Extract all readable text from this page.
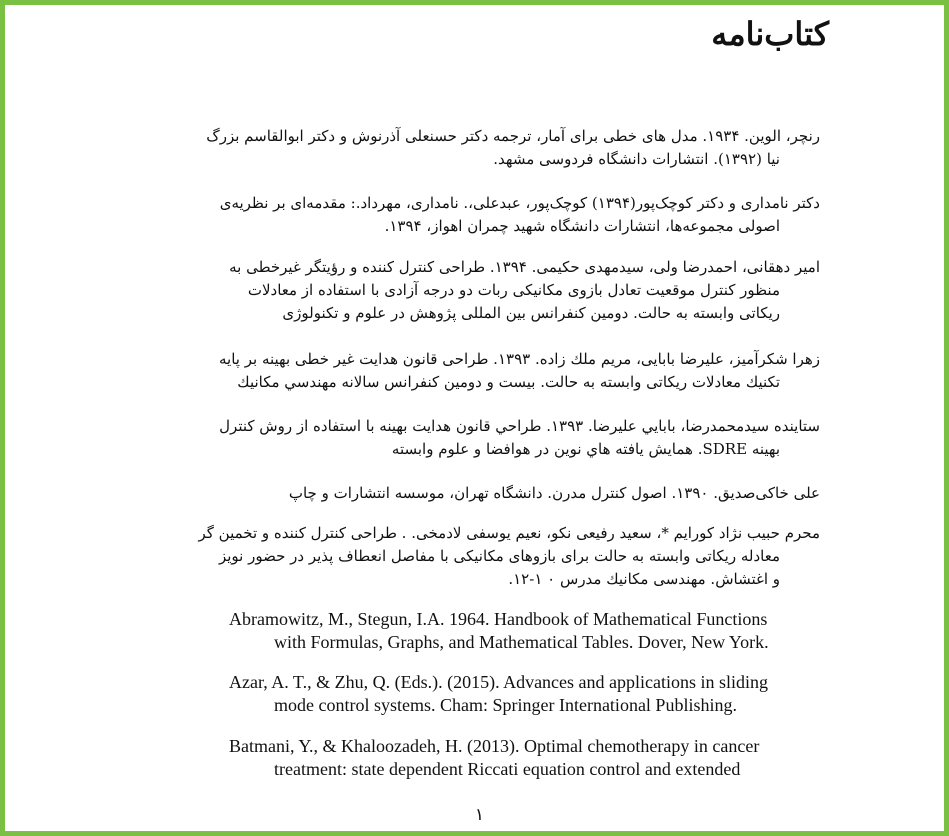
کتاب‌نامه
رنچر، الوین. ۱۹۳۴. مدل های خطی برای آمار، ترجمه دکتر حسنعلی آذرنوش و دکتر ابوالقاسم بزرگ
نیا (۱۳۹۲). انتشارات دانشگاه فردوسی مشهد.
دکتر نامداری و دکتر کوچک‌پور(۱۳۹۴) کوچک‌پور، عبدعلی،. نامداری، مهرداد.: مقدمه‌ای بر نظریه‌ی
اصولی مجموعه‌ها، انتشارات دانشگاه شهید چمران اهواز، ۱۳۹۴.
امیر دهقانی، احمدرضا ولی، سیدمهدی حکیمی. ۱۳۹۴. طراحی کنترل کننده و رؤیتگر غیرخطی به
منظور کنترل موقعیت تعادل بازوی مکانیکی ربات دو درجه آزادی با استفاده از معادلات
ریکاتی وابسته به حالت. دومین کنفرانس بین المللی پژوهش در علوم و تکنولوژی
زهرا شکرآمیز، علیرضا بابایی، مریم ملك زاده. ۱۳۹۳. طراحی قانون هدایت غیر خطی بهینه بر پایه
تکنیك معادلات ریکاتی وابسته به حالت. بیست و دومین کنفرانس سالانه مهندسي مکانیك
ستاینده سیدمحمدرضا، بابايي علیرضا. ۱۳۹۳. طراحي قانون هدايت بهينه با استفاده از روش کنترل
بهينه SDRE. همايش يافته هاي نوين در هوافضا و علوم وابسته
علی خاکی‌صدیق. ۱۳۹۰. اصول کنترل مدرن. دانشگاه تهران، موسسه انتشارات و چاپ
محرم حبیب نژاد کورایم *، سعید رفیعی نکو، نعیم یوسفی لادمخی. . طراحی کنترل کننده و تخمین گر
معادله ریکاتی وابسته به حالت برای بازوهای مکانیکی با مفاصل انعطاف پذیر در حضور نویز
و اغتشاش. مهندسی مکانیك مدرس ۰ ۱-۱۲.
Abramowitz, M., Stegun, I.A. 1964. Handbook of Mathematical Functions
with Formulas, Graphs, and Mathematical Tables. Dover, New York.
Azar, A. T., & Zhu, Q. (Eds.). (2015). Advances and applications in sliding
mode control systems. Cham: Springer International Publishing.
Batmani, Y., & Khaloozadeh, H. (2013). Optimal chemotherapy in cancer
treatment: state dependent Riccati equation control and extended
۱
